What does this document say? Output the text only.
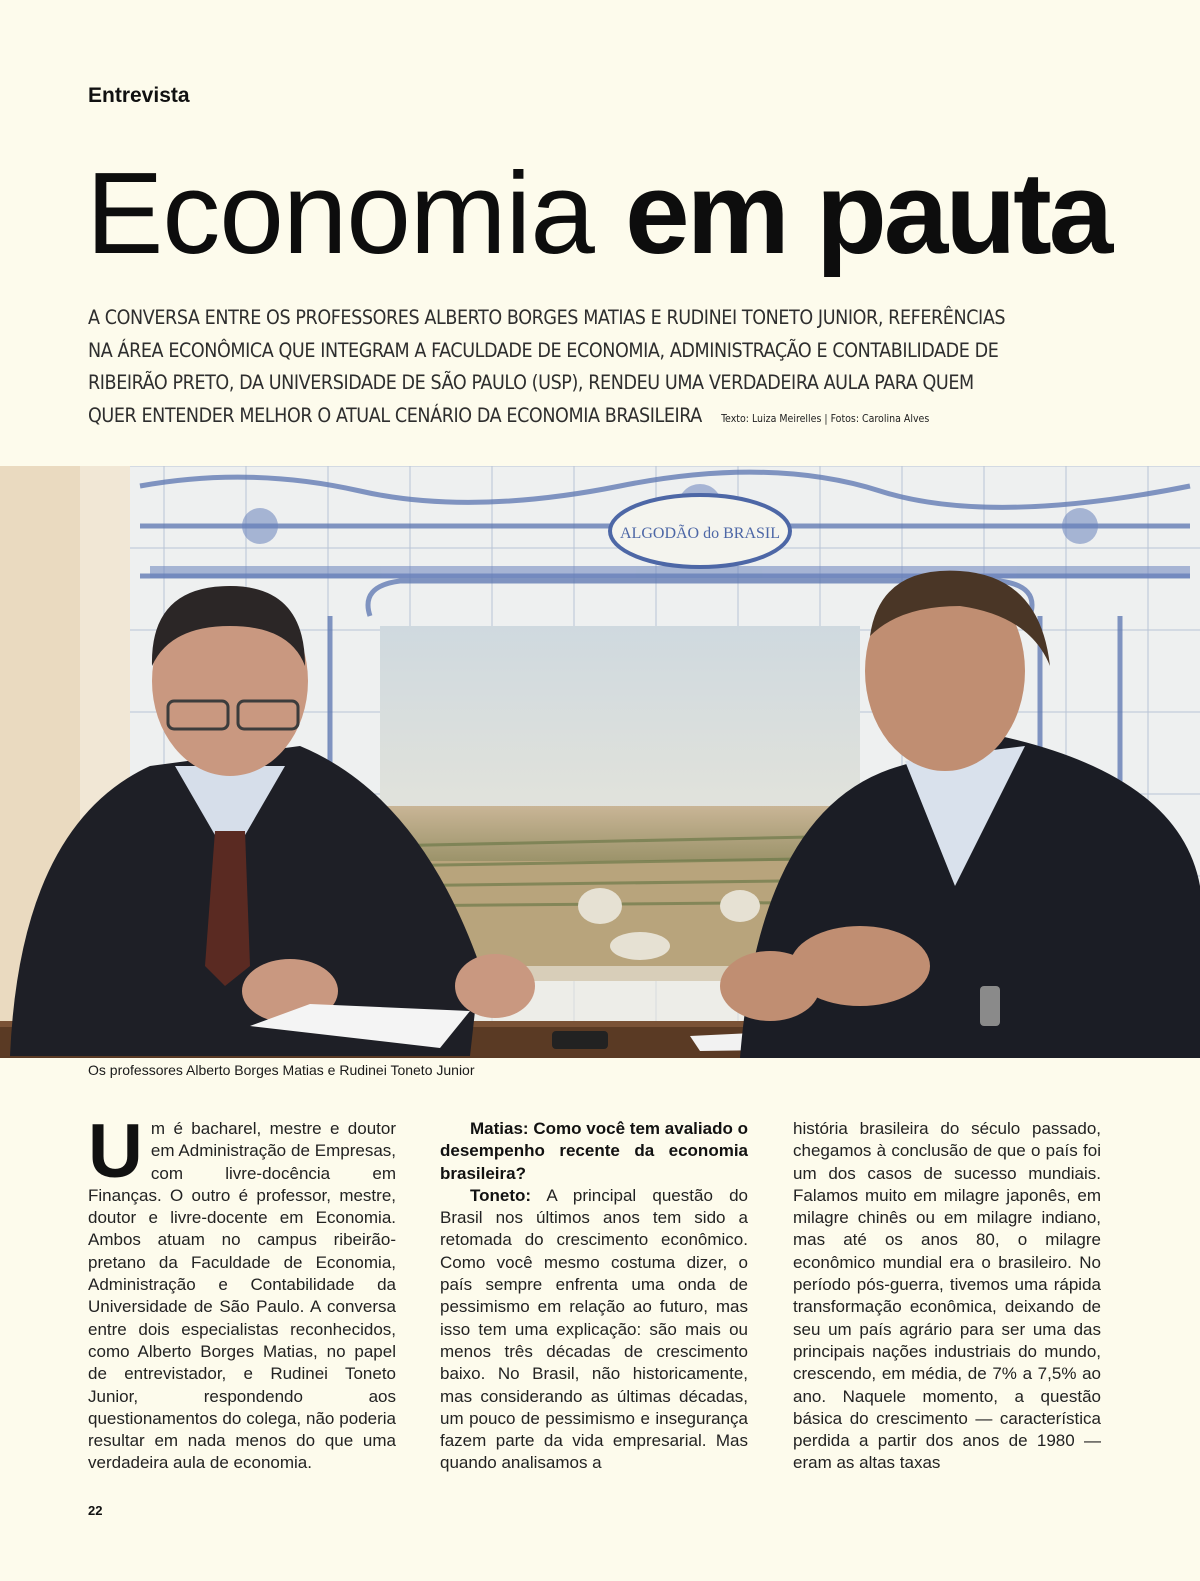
Entrevista
Economia em pauta
A CONVERSA ENTRE OS PROFESSORES ALBERTO BORGES MATIAS E RUDINEI TONETO JUNIOR, REFERÊNCIAS NA ÁREA ECONÔMICA QUE INTEGRAM A FACULDADE DE ECONOMIA, ADMINISTRAÇÃO E CONTABILIDADE DE RIBEIRÃO PRETO, DA UNIVERSIDADE DE SÃO PAULO (USP), RENDEU UMA VERDADEIRA AULA PARA QUEM QUER ENTENDER MELHOR O ATUAL CENÁRIO DA ECONOMIA BRASILEIRA Texto: Luiza Meirelles | Fotos: Carolina Alves
ALGODÃO do BRASIL
Os professores Alberto Borges Matias e Rudinei Toneto Junior

Um é bacharel, mestre e doutor em Administração de Empresas, com livre-docência em Finanças. O outro é professor, mestre, doutor e livre-docente em Economia. Ambos atuam no campus ribeirão-pretano da Faculdade de Economia, Administração e Contabilidade da Universidade de São Paulo. A conversa entre dois especialistas reconhecidos, como Alberto Borges Matias, no papel de entrevistador, e Rudinei Toneto Junior, respondendo aos questionamentos do colega, não poderia resultar em nada menos do que uma verdadeira aula de economia.

Matias: Como você tem avaliado o desempenho recente da economia brasileira?

Toneto: A principal questão do Brasil nos últimos anos tem sido a retomada do crescimento econômico. Como você mesmo costuma dizer, o país sempre enfrenta uma onda de pessimismo em relação ao futuro, mas isso tem uma explicação: são mais ou menos três décadas de crescimento baixo. No Brasil, não historicamente, mas considerando as últimas décadas, um pouco de pessimismo e insegurança fazem parte da vida empresarial. Mas quando analisamos a

história brasileira do século passado, chegamos à conclusão de que o país foi um dos casos de sucesso mundiais. Falamos muito em milagre japonês, em milagre chinês ou em milagre indiano, mas até os anos 80, o milagre econômico mundial era o brasileiro. No período pós-guerra, tivemos uma rápida transformação econômica, deixando de seu um país agrário para ser uma das principais nações industriais do mundo, crescendo, em média, de 7% a 7,5% ao ano. Naquele momento, a questão básica do crescimento — característica perdida a partir dos anos de 1980 — eram as altas taxas

22
